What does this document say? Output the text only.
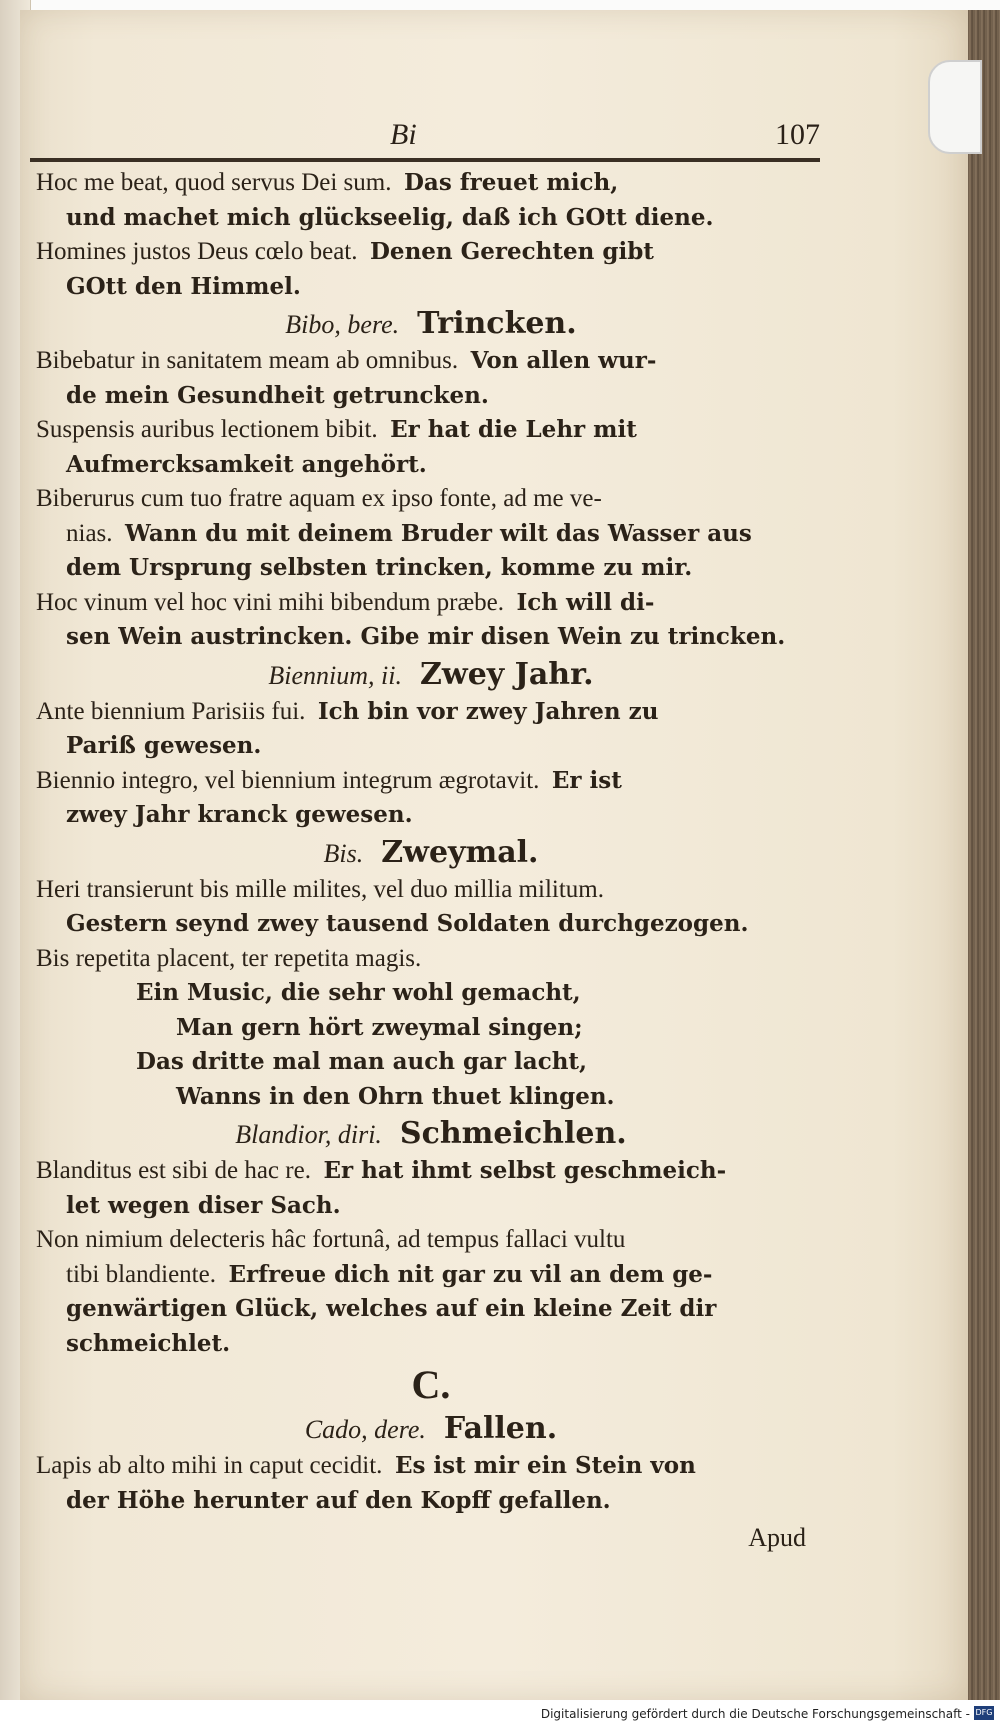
Bi	107
Hoc me beat, quod servus Dei sum. Das freuet mich,
und machet mich glückseelig, daß ich GOtt diene.
Homines justos Deus cœlo beat. Denen Gerechten gibt
GOtt den Himmel.
Bibo, bere. Trincken.
Bibebatur in sanitatem meam ab omnibus. Von allen wur-
de mein Gesundheit getruncken.
Suspensis auribus lectionem bibit. Er hat die Lehr mit
Aufmercksamkeit angehört.
Biberurus cum tuo fratre aquam ex ipso fonte, ad me ve-
nias. Wann du mit deinem Bruder wilt das Wasser aus
dem Ursprung selbsten trincken, komme zu mir.
Hoc vinum vel hoc vini mihi bibendum præbe. Ich will di-
sen Wein austrincken. Gibe mir disen Wein zu trincken.
Biennium, ii. Zwey Jahr.
Ante biennium Parisiis fui. Ich bin vor zwey Jahren zu
Pariß gewesen.
Biennio integro, vel biennium integrum ægrotavit. Er ist
zwey Jahr kranck gewesen.
Bis. Zweymal.
Heri transierunt bis mille milites, vel duo millia militum.
Gestern seynd zwey tausend Soldaten durchgezogen.
Bis repetita placent, ter repetita magis.
Ein Music, die sehr wohl gemacht,
Man gern hört zweymal singen;
Das dritte mal man auch gar lacht,
Wanns in den Ohrn thuet klingen.
Blandior, diri. Schmeichlen.
Blanditus est sibi de hac re. Er hat ihmt selbst geschmeich-
let wegen diser Sach.
Non nimium delecteris hâc fortunâ, ad tempus fallaci vultu
tibi blandiente. Erfreue dich nit gar zu vil an dem ge-
genwärtigen Glück, welches auf ein kleine Zeit dir
schmeichlet.
C.
Cado, dere. Fallen.
Lapis ab alto mihi in caput cecidit. Es ist mir ein Stein von
der Höhe herunter auf den Kopff gefallen.
Apud
Digitalisierung gefördert durch die Deutsche Forschungsgemeinschaft - DFG
